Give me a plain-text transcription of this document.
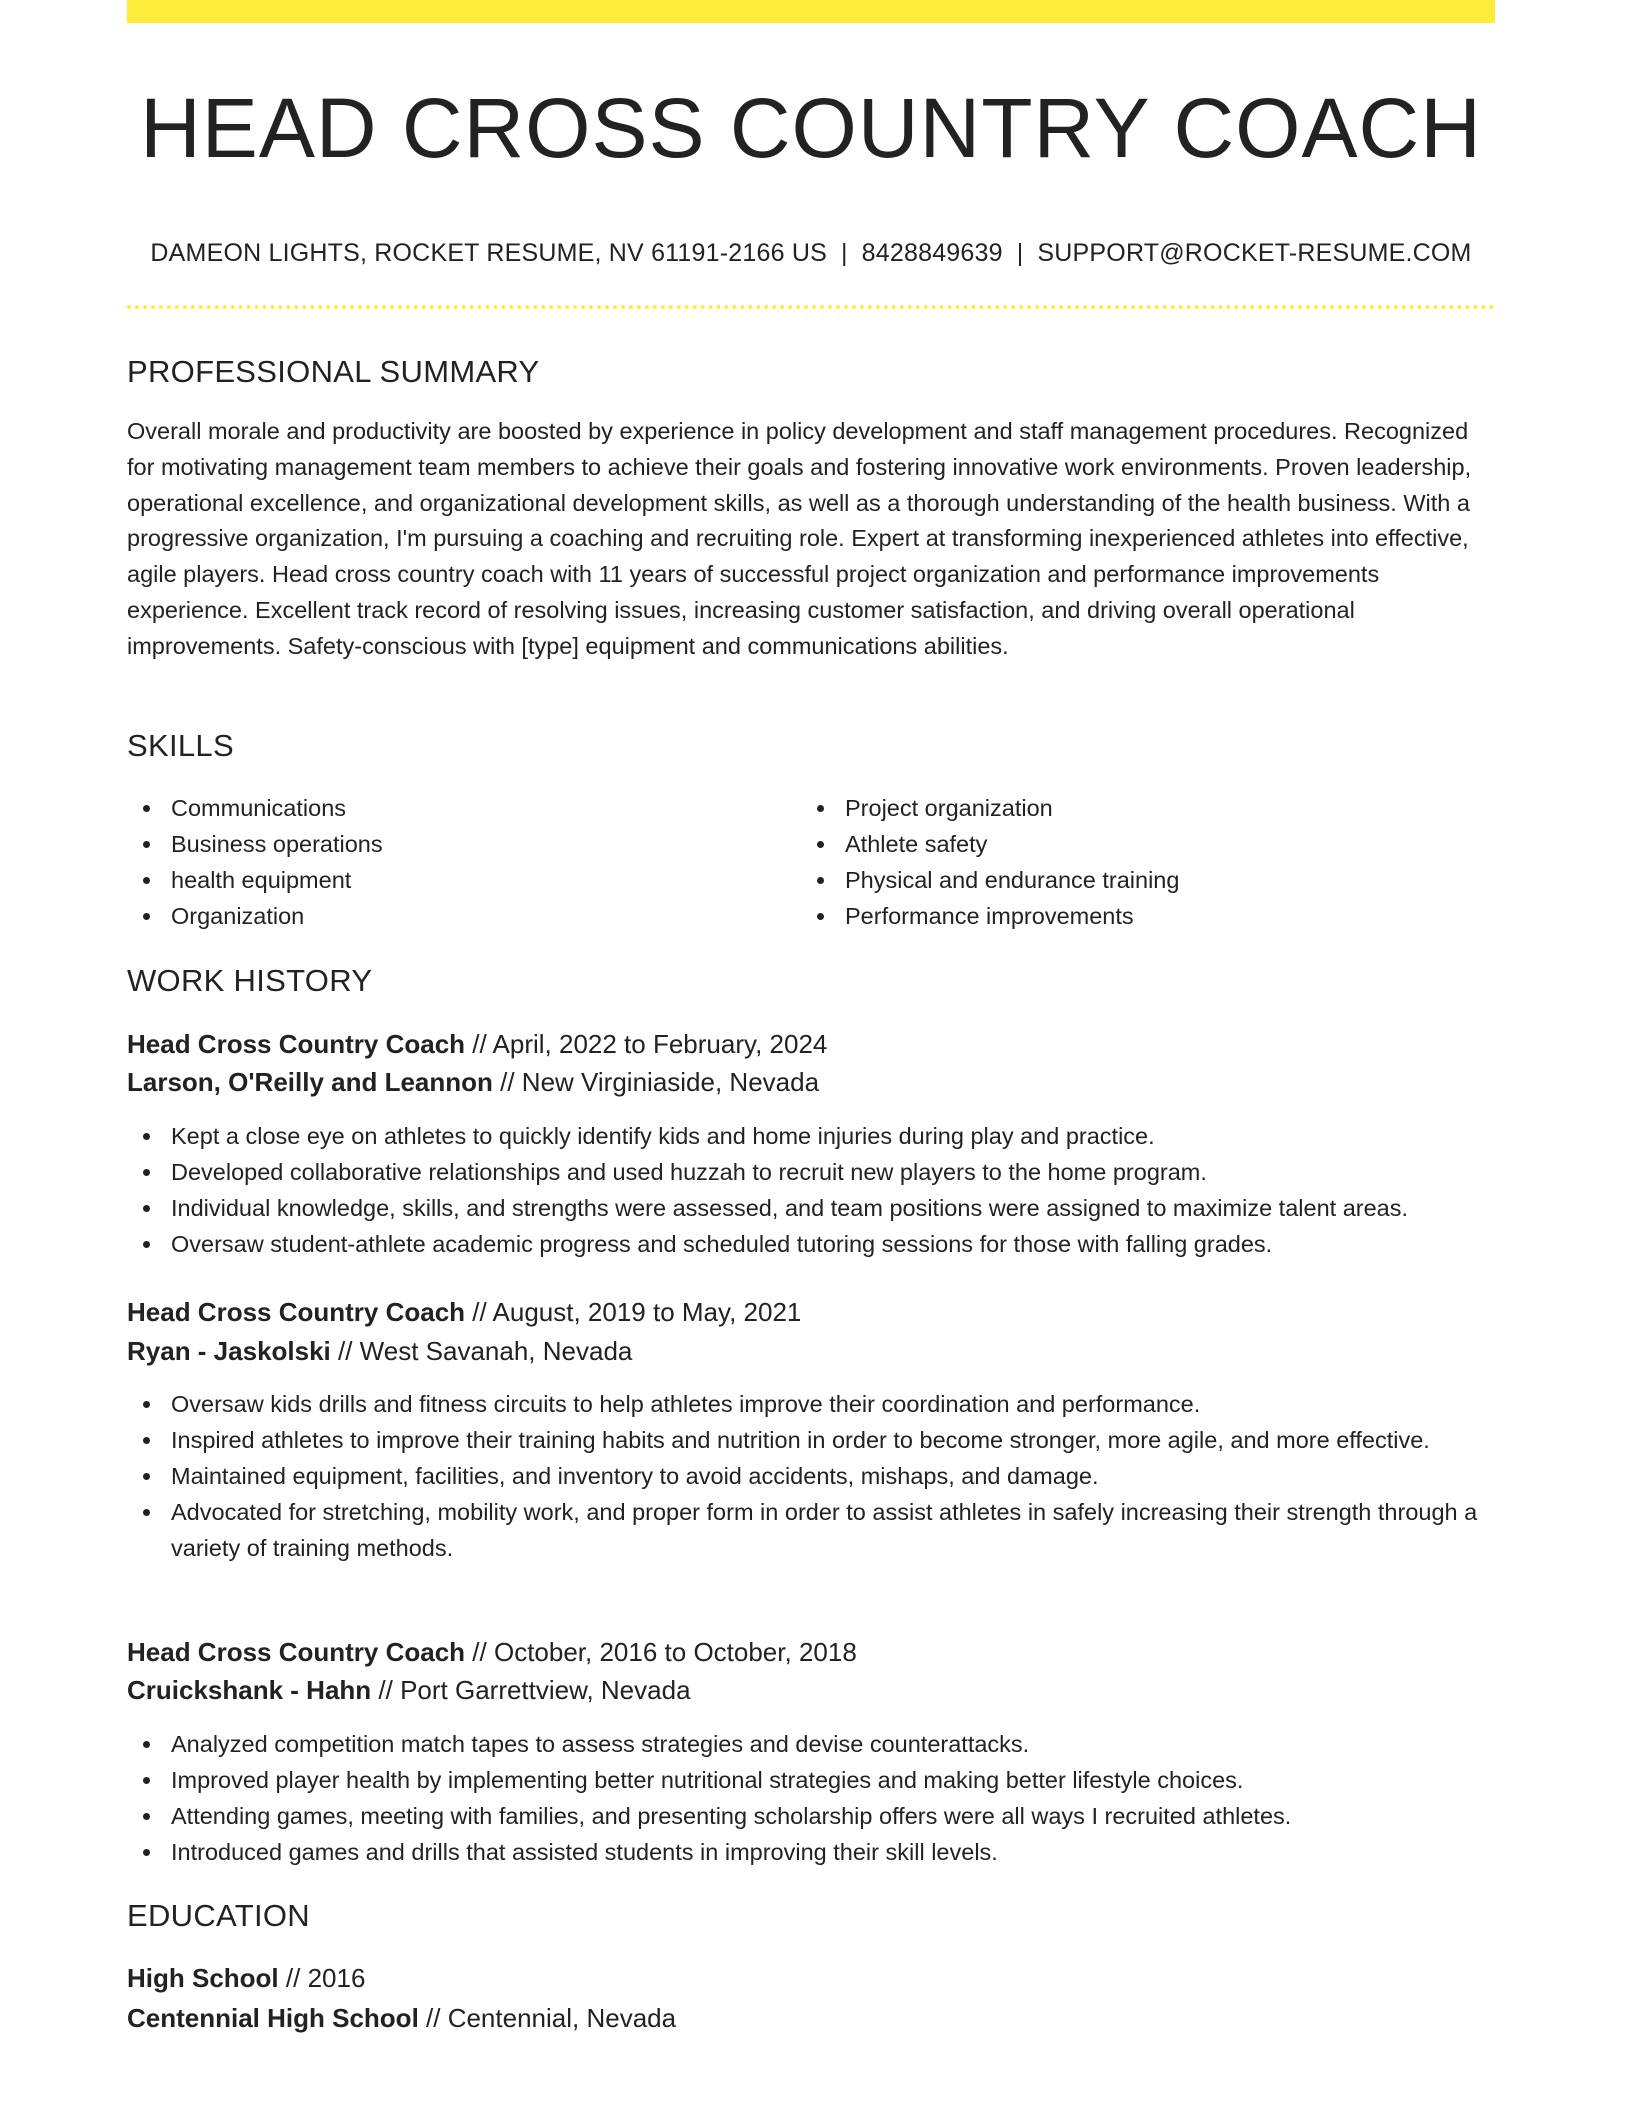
HEAD CROSS COUNTRY COACH
DAMEON LIGHTS, ROCKET RESUME, NV 61191-2166 US | 8428849639 | SUPPORT@ROCKET-RESUME.COM
PROFESSIONAL SUMMARY

Overall morale and productivity are boosted by experience in policy development and staff management procedures. Recognized for motivating management team members to achieve their goals and fostering innovative work environments. Proven leadership, operational excellence, and organizational development skills, as well as a thorough understanding of the health business. With a progressive organization, I'm pursuing a coaching and recruiting role. Expert at transforming inexperienced athletes into effective, agile players. Head cross country coach with 11 years of successful project organization and performance improvements experience. Excellent track record of resolving issues, increasing customer satisfaction, and driving overall operational improvements. Safety-conscious with [type] equipment and communications abilities.

SKILLS
Communications
Business operations
health equipment
Organization
Project organization
Athlete safety
Physical and endurance training
Performance improvements
WORK HISTORY
Head Cross Country Coach // April, 2022 to February, 2024
Larson, O'Reilly and Leannon // New Virginiaside, Nevada
Kept a close eye on athletes to quickly identify kids and home injuries during play and practice.
Developed collaborative relationships and used huzzah to recruit new players to the home program.
Individual knowledge, skills, and strengths were assessed, and team positions were assigned to maximize talent areas.
Oversaw student-athlete academic progress and scheduled tutoring sessions for those with falling grades.
Head Cross Country Coach // August, 2019 to May, 2021
Ryan - Jaskolski // West Savanah, Nevada
Oversaw kids drills and fitness circuits to help athletes improve their coordination and performance.
Inspired athletes to improve their training habits and nutrition in order to become stronger, more agile, and more effective.
Maintained equipment, facilities, and inventory to avoid accidents, mishaps, and damage.
Advocated for stretching, mobility work, and proper form in order to assist athletes in safely increasing their strength through a variety of training methods.
Head Cross Country Coach // October, 2016 to October, 2018
Cruickshank - Hahn // Port Garrettview, Nevada
Analyzed competition match tapes to assess strategies and devise counterattacks.
Improved player health by implementing better nutritional strategies and making better lifestyle choices.
Attending games, meeting with families, and presenting scholarship offers were all ways I recruited athletes.
Introduced games and drills that assisted students in improving their skill levels.
EDUCATION
High School // 2016
Centennial High School // Centennial, Nevada
